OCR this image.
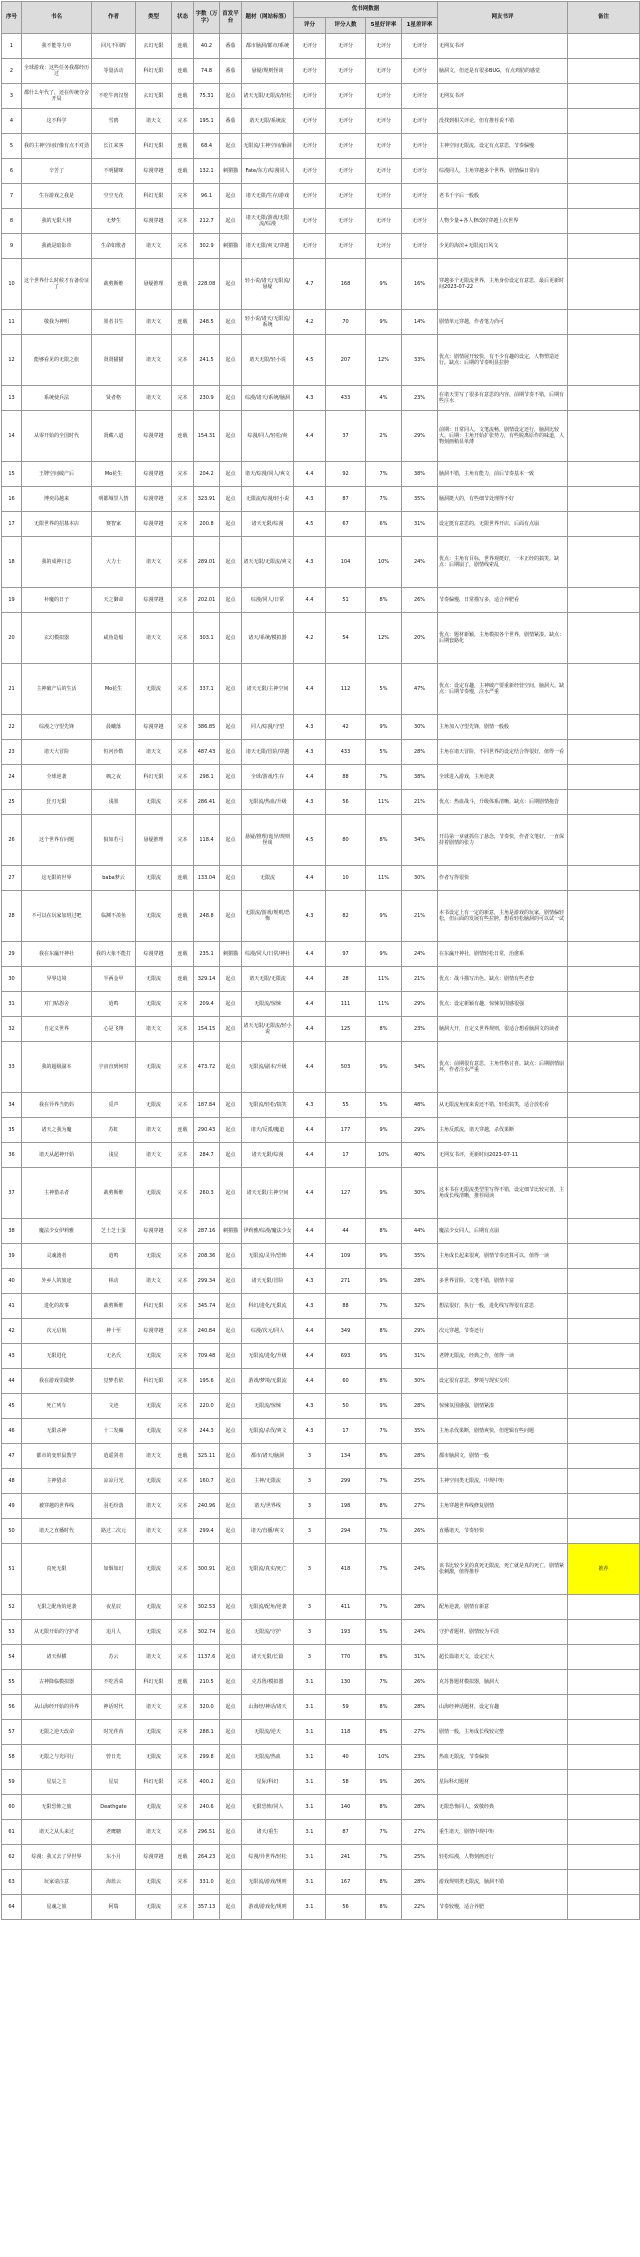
序号	书名	作者	类型	状态	字数（万字）	首发平台	题材（网站标签）	优书网数据				网友书评	备注
								评分	评分人数	5星好评率	1星差评率		
1	我不能等力中	回凡不回晖	玄幻无限	连载	40.2	番茄	都市脑洞/都市/系统	无评分	无评分	无评分	无评分	无网友书评	
2	全球游戏：这些任务我都经历过	等量活动	科幻无限	连载	74.8	番茄	悬疑/规则怪谈	无评分	无评分	无评分	无评分	脑洞文，但还是有很多BUG，有点鸡肋的感觉	
3	都什么年代了，还在传统夺舍开局	不吃牛肉汉堡	玄幻无限	连载	75.31	起点	诸天无限/无限流/轻松	无评分	无评分	无评分	无评分	无网友书评	
4	这不科学	雪鸥	诸天文	完本	195.1	番茄	诸天无限/系统流	无评分	无评分	无评分	无评分	没找到相关评论，但有推荐说不错	
5	我的主神空间好像有点不对劲	长江来客	科幻无限	连载	68.4	起点	无限流/主神空间/脑洞	无评分	无评分	无评分	无评分	主神空间无限流，设定有点意思，节奏偏慢	
6	辛苦了	不明猫咪	综漫穿越	连载	132.1	刺猬猫	Fate/东方/综漫同人	无评分	无评分	无评分	无评分	综漫同人，主角穿越多个世界，剧情偏日常向	
7	生存游戏之我是	空空无花	科幻无限	完本	96.1	起点	诸天无限/生存/游戏	无评分	无评分	无评分	无评分	老书千字后一般般	
8	我的无限大将	无梦生	综漫穿越	完本	212.7	起点	诸天无限/游戏/无限流/综漫	无评分	无评分	无评分	无评分	人物少量+各人修改时穿越上次世界	
9	我就是暗影帝	生命如歌者	诸天文	完本	302.9	刺猬猫	诸天无限/爽文/穿越	无评分	无评分	无评分	无评分	少见的海滨+无限流日风文	
10	这个世界什么时候才有备份证了	裁剪斯维	悬疑推理	连载	228.08	起点	轻小说/诸天/无限流/悬疑	4.7	168	9%	16%	穿越多个无限流世界，主角身份设定有意思，最后更新时间2023-07-22	
11	敬我为神明	墨者书生	诸天文	连载	248.5	起点	轻小说/诸天/无限流/系统	4.2	70	9%	14%	剧情单元穿越，作者笔力尚可	
12	能够看见的无限之旅	贤贤猫猫	诸天文	完本	241.5	起点	诸天无限/轻小说	4.5	207	12%	33%	优点：剧情展开较快，有不少有趣的设定，人物塑造还行。缺点：后期的节奏明显拉胯	
13	系统使兵法	贤者格	诸天文	完本	230.9	起点	综漫/诸天/系统/脑洞	4.3	433	4%	23%	在诸天里写了很多有意思的内容，前期节奏不错，后期有些注水	
14	从零开始的全国时代	贤藏八道	综漫穿越	连载	154.31	起点	综漫/同人/轻松/爽	4.4	37	2%	29%	前期：日常同人，文笔流畅，剧情设定还行，脑洞比较大。后期：主角开始扩张势力，有些脱离原作的味道，人物刻画稍显单薄	
15	王牌空间破产后	Mo花生	综漫穿越	完本	204.2	起点	诸天/综漫/同人/爽文	4.4	92	7%	38%	脑洞不错，主角有能力，前后节奏基本一致	
16	博奕局越来	明都城里人情	综漫穿越	完本	323.91	起点	无限流/综漫/轻小说	4.3	87	7%	35%	脑洞挺大的，有些细节处理得不好	
17	无限世界的招募本店	赛智家	综漫穿越	完本	200.8	起点	诸天无限/综漫	4.5	67	6%	31%	设定挺有意思的，无限世界开店，后面有点崩	
18	我的成神日志	大力士	诸天文	完本	289.01	起点	诸天无限/无限流/爽文	4.3	104	10%	24%	优点：主角有目标，世界观挺好，一本正经的搞笑。缺点：后期崩了，剧情线索乱	
19	补魔的日子	天之御命	综漫穿越	完本	202.01	起点	综漫/同人/日常	4.4	51	8%	26%	节奏偏慢，日常描写多，适合养肥看	
20	玄幻模拟器	咸鱼造船	诸天文	完本	303.1	起点	诸天/系统/模拟器	4.2	54	12%	20%	优点：题材新颖，主角模拟各个世界，剧情紧凑。缺点：后期套路化	
21	主神破产后的生活	Mo花生	无限流	完本	337.1	起点	诸天无限/主神空间	4.4	112	5%	47%	优点：设定有趣，主神破产要重新经营空间，脑洞大。缺点：后期节奏慢，注水严重	
22	综漫之守望先锋	晨曦落	综漫穿越	完本	386.85	起点	同人/综漫/守望	4.3	42	9%	30%	主角加入守望先锋，剧情一般般	
23	诸天大冒险	恒河沙数	诸天文	完本	487.43	起点	诸天无限/冒险/穿越	4.3	433	5%	28%	主角在诸天冒险，不同世界的设定结合得很好，值得一看	
24	全球逆袭	枫之夜	科幻无限	完本	298.1	起点	全球/游戏/生存	4.4	88	7%	38%	全球进入游戏，主角逆袭	
25	狂刃无限	浅墨	无限流	完本	286.41	起点	无限流/热血/升级	4.3	56	11%	21%	优点：热血战斗，升级体系清晰。缺点：后期剧情拖沓	
26	这个世界有问题	狼如若弓	悬疑推理	完本	118.4	起点	悬疑/推理/诡异/规则怪谈	4.5	80	8%	34%	开局第一章就抓住了悬念，节奏快，作者文笔好，一直保持着剧情的张力	
27	这无限的世界	baba梦云	无限流	连载	133.04	起点	无限流	4.4	10	11%	30%	作者写得很快	
28	不可以在玩家加班过吧	临渊不羡鱼	无限流	连载	248.8	起点	无限流/游戏/规则/恐怖	4.3	82	9%	21%	本书设定上有一定的新意，主角是游戏的玩家，剧情偏轻松，但后面的发展有些拉胯，想看轻松脑洞的可以试一试	
29	我在东瀛开神社	我的大象不能打	综漫穿越	连载	235.1	刺猬猫	综漫/同人/日常/神社	4.4	97	9%	24%	在东瀛开神社，剧情轻松日常，治愈系	
30	异界边境	半两金甲	无限流	连载	329.14	起点	诸天无限/无限流	4.4	28	11%	21%	优点：战斗描写出色。缺点：剧情有些老套	
31	对门贴怨舍	逍鸣	无限流	完本	209.4	起点	无限流/惊悚	4.4	111	11%	29%	优点：设定新颖有趣，惊悚氛围感很强	
32	自定义世界	心是飞翔	诸天文	完本	154.15	起点	诸天无限/无限流/轻小说	4.4	125	8%	23%	脑洞大开，自定义世界规则，很适合想看脑洞文的读者	
33	我的超级副本	宇宙直到何时	无限流	完本	473.72	起点	无限流/副本/升级	4.4	503	9%	34%	优点：前期很有意思，主角性格讨喜。缺点：后期剧情崩坏，作者注水严重	
34	我在异界当奶妈	觅声	无限流	完本	187.84	起点	无限流/轻松/搞笑	4.3	55	5%	48%	从无限流角度来说还不错，轻松搞笑，适合放松看	
35	诸天之我为魔	苏虹	诸天文	连载	290.43	起点	诸天/反派/魔道	4.4	177	9%	29%	主角反派流，诸天穿越，杀伐果断	
36	诸天从超神开始	浅星	诸天文	完本	284.7	起点	诸天无限/综漫	4.4	17	10%	40%	无网友书评，更新时间2023-07-11	
37	主神猎杀者	裁剪斯维	无限流	完本	260.3	起点	诸天无限/主神空间	4.4	127	9%	30%	这本书在无限流类型里写得不错，设定细节比较完善，主角成长线清晰，推荐阅读	
38	魔法少女伊莉雅	芝士芝士蛋	综漫穿越	完本	287.16	刺猬猫	伊莉雅/综漫/魔法少女	4.4	44	8%	44%	魔法少女同人，后期有点崩	
39	灵魂渡者	逍鸣	无限流	完本	208.36	起点	无限流/灵异/恐怖	4.4	109	9%	35%	主角成长起来很爽，剧情节奏还算可以，值得一读	
40	外乡人的旅途	林动	诸天文	完本	299.34	起点	诸天无限/冒险	4.3	271	9%	28%	多世界冒险，文笔不错，剧情丰富	
41	进化的故事	裁剪斯维	科幻无限	完本	345.74	起点	科幻/进化/无限流	4.3	88	7%	32%	想法很好，执行一般，进化线写得很有意思	
42	次元启航	神十至	综漫穿越	完本	240.84	起点	综漫/次元/同人	4.4	349	8%	29%	次元穿越，节奏还行	
43	无限进化	无名氏	无限流	完本	709.48	起点	无限流/进化/升级	4.4	693	9%	31%	老牌无限流，经典之作，值得一读	
44	我在游戏里做梦	觉梦若依	科幻无限	完本	195.6	起点	游戏/梦境/无限流	4.4	60	8%	30%	设定很有意思，梦境与现实交织	
45	死亡列车	文迹	无限流	完本	220.0	起点	无限流/惊悚	4.3	50	9%	28%	惊悚氛围感强，剧情紧凑	
46	无限杀神	十二发癫	无限流	完本	244.3	起点	无限流/杀伐/爽文	4.3	17	7%	35%	主角杀伐果断，剧情爽快，但逻辑有些问题	
47	都市的变形鼠教学	逍遥剑者	诸天文	连载	325.11	起点	都市/诸天/脑洞	3	134	8%	28%	都市脑洞文，剧情一般	
48	主神猎杀	凉凉月光	无限流	完本	160.7	起点	主神/无限流	3	299	7%	25%	主神空间类无限流，中规中矩	
49	被穿越的世界线	羽毛纷落	诸天文	完本	240.96	起点	诸天/世界线	3	198	8%	27%	主角穿越世界线修复剧情	
50	诸天之直播时代	路过二次元	诸天文	完本	299.4	起点	诸天/直播/爽文	3	294	7%	26%	直播诸天，节奏轻快	
51	真死无限	如烟如幻	无限流	完本	300.91	起点	无限流/真实/死亡	3	418	7%	24%	该书比较少见的真死无限流，死亡就是真的死亡，剧情紧张刺激，值得推荐	推荐
52	无限之配角的逆袭	夜星辰	无限流	完本	302.53	起点	无限流/配角/逆袭	3	411	7%	28%	配角逆袭，剧情有新意	
53	从无限开始的守护者	追月人	无限流	完本	302.74	起点	无限流/守护	3	193	5%	24%	守护者题材，剧情较为平淡	
54	诸天纵横	苏云	诸天文	完本	1137.6	起点	诸天无限/长篇	3	770	8%	31%	超长篇诸天文，设定宏大	
55	古神降临模拟器	不吃香菜	科幻无限	连载	210.5	起点	克苏鲁/模拟器	3.1	130	7%	26%	克苏鲁题材模拟器，脑洞大	
56	从山海经开始的异界	神话时代	诸天文	完本	320.0	起点	山海经/神话/诸天	3.1	59	8%	28%	山海经神话题材，设定有趣	
57	无限之逆天改命	时光荏苒	无限流	完本	288.1	起点	无限流/逆天	3.1	118	8%	27%	剧情一般，主角成长线较完整	
58	无限之与光同行	曾日光	无限流	完本	299.8	起点	无限流/热血	3.1	40	10%	23%	热血无限流，节奏偏快	
59	星辰之主	星辰	科幻无限	完本	400.2	起点	星际/科幻	3.1	58	9%	26%	星际科幻题材	
60	无限恐怖之旅	Deathgate	无限流	完本	240.6	起点	无限恐怖/同人	3.1	140	8%	28%	无限恐怖同人，致敬经典	
61	诸天之从头来过	老鹰糖	诸天文	完本	296.51	起点	诸天/重生	3.1	87	7%	27%	重生诸天，剧情中规中矩	
62	综漫：我又去了异世界	东小月	综漫穿越	连载	264.23	起点	综漫/异世界/轻松	3.1	241	7%	25%	轻松综漫，人物刻画还行	
63	玩家请注意	海蓝云	无限流	完本	331.0	起点	无限流/游戏/规则	3.1	167	8%	28%	游戏规则类无限流，脑洞不错	
64	星魂之旅	阿瑞	无限流	完本	357.13	起点	游戏/游戏化/规则	3.1	56	8%	22%	节奏较慢，适合养肥	
